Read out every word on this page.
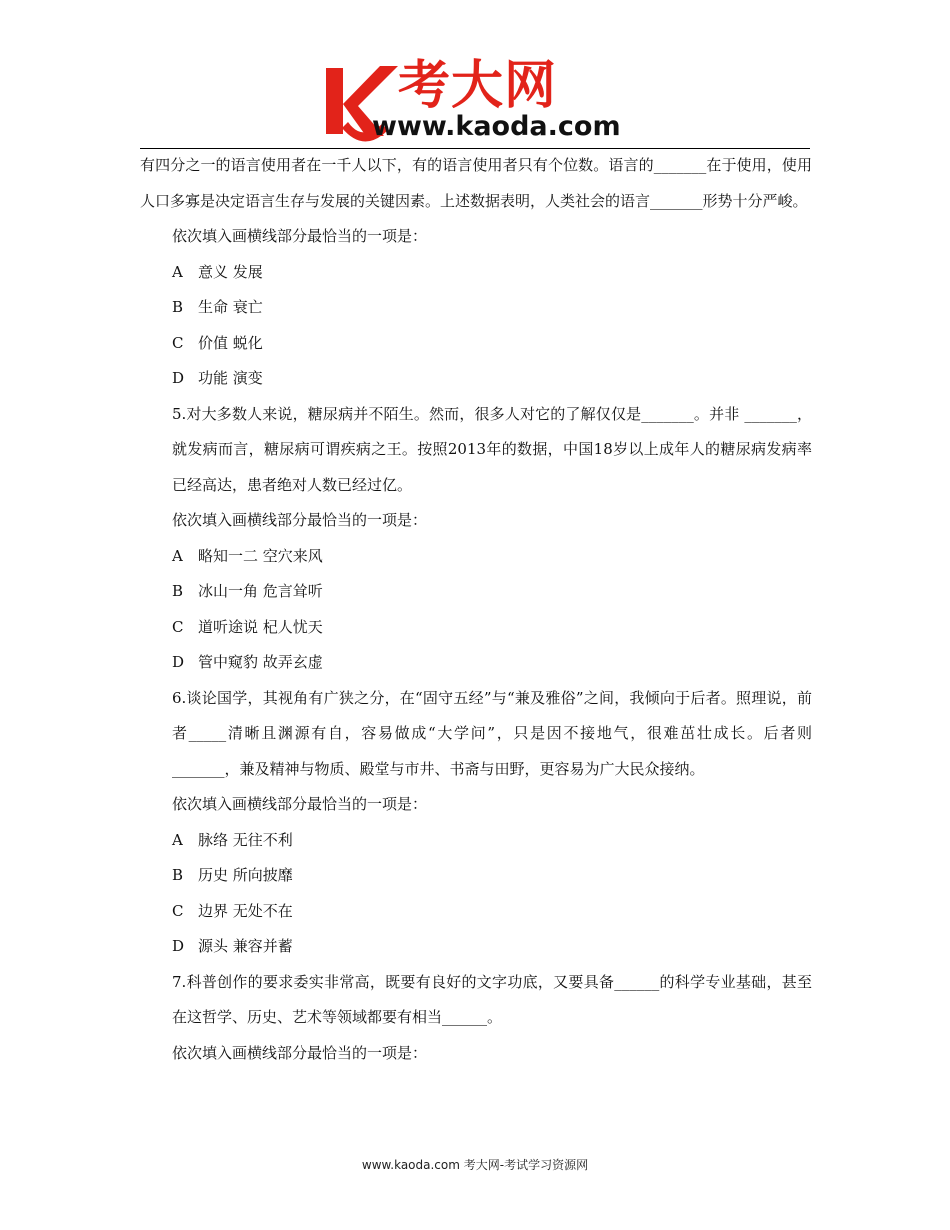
考大网
www.kaoda.com

有四分之一的语言使用者在一千人以下，有的语言使用者只有个位数。语言的_______在于使用，使用人口多寡是决定语言生存与发展的关键因素。上述数据表明，人类社会的语言_______形势十分严峻。

依次填入画横线部分最恰当的一项是：

A 意义 发展

B 生命 衰亡

C 价值 蜕化

D 功能 演变

5.对大多数人来说，糖尿病并不陌生。然而，很多人对它的了解仅仅是_______。并非 _______，就发病而言，糖尿病可谓疾病之王。按照2013年的数据，中国18岁以上成年人的糖尿病发病率已经高达，患者绝对人数已经过亿。

依次填入画横线部分最恰当的一项是：

A 略知一二 空穴来风

B 冰山一角 危言耸听

C 道听途说 杞人忧天

D 管中窥豹 故弄玄虚

6.谈论国学，其视角有广狭之分，在“固守五经”与“兼及雅俗”之间，我倾向于后者。照理说，前者_____清晰且渊源有自，容易做成“大学问”，只是因不接地气，很难茁壮成长。后者则_______，兼及精神与物质、殿堂与市井、书斋与田野，更容易为广大民众接纳。

依次填入画横线部分最恰当的一项是：

A 脉络 无往不利

B 历史 所向披靡

C 边界 无处不在

D 源头 兼容并蓄

7.科普创作的要求委实非常高，既要有良好的文字功底，又要具备______的科学专业基础，甚至在这哲学、历史、艺术等领域都要有相当______。

依次填入画横线部分最恰当的一项是：

www.kaoda.com 考大网-考试学习资源网
